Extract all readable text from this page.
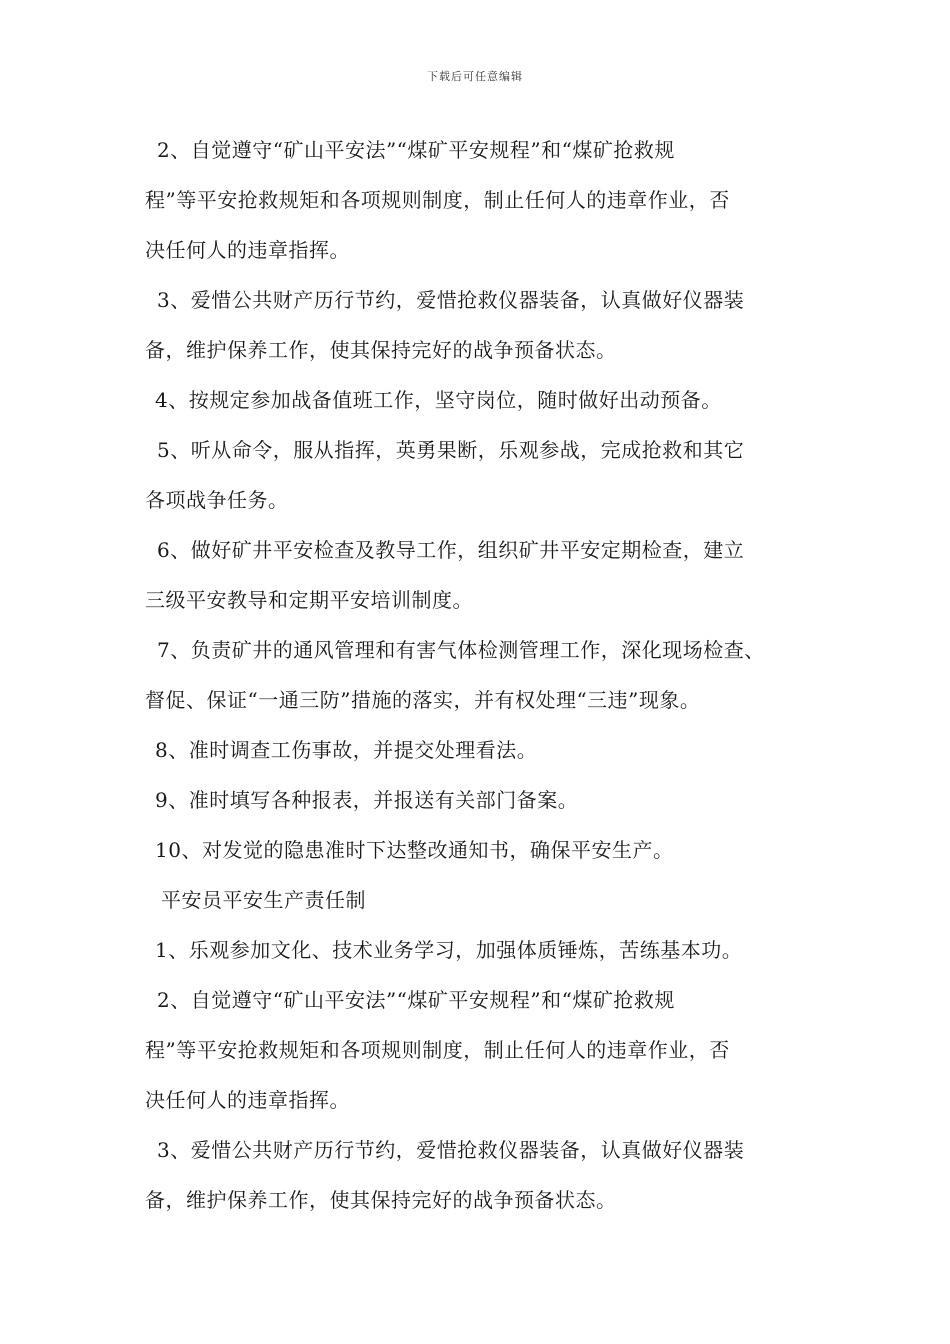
下载后可任意编辑
2、自觉遵守“矿山平安法”“煤矿平安规程”和“煤矿抢救规
程”等平安抢救规矩和各项规则制度，制止任何人的违章作业，否
决任何人的违章指挥。
3、爱惜公共财产历行节约，爱惜抢救仪器装备，认真做好仪器装
备，维护保养工作，使其保持完好的战争预备状态。
4、按规定参加战备值班工作，坚守岗位，随时做好出动预备。
5、听从命令，服从指挥，英勇果断，乐观参战，完成抢救和其它
各项战争任务。
6、做好矿井平安检查及教导工作，组织矿井平安定期检查，建立
三级平安教导和定期平安培训制度。
7、负责矿井的通风管理和有害气体检测管理工作，深化现场检查、
督促、保证“一通三防”措施的落实，并有权处理“三违”现象。
8、准时调查工伤事故，并提交处理看法。
9、准时填写各种报表，并报送有关部门备案。
10、对发觉的隐患准时下达整改通知书，确保平安生产。
平安员平安生产责任制
1、乐观参加文化、技术业务学习，加强体质锤炼，苦练基本功。
2、自觉遵守“矿山平安法”“煤矿平安规程”和“煤矿抢救规
程”等平安抢救规矩和各项规则制度，制止任何人的违章作业，否
决任何人的违章指挥。
3、爱惜公共财产历行节约，爱惜抢救仪器装备，认真做好仪器装
备，维护保养工作，使其保持完好的战争预备状态。
